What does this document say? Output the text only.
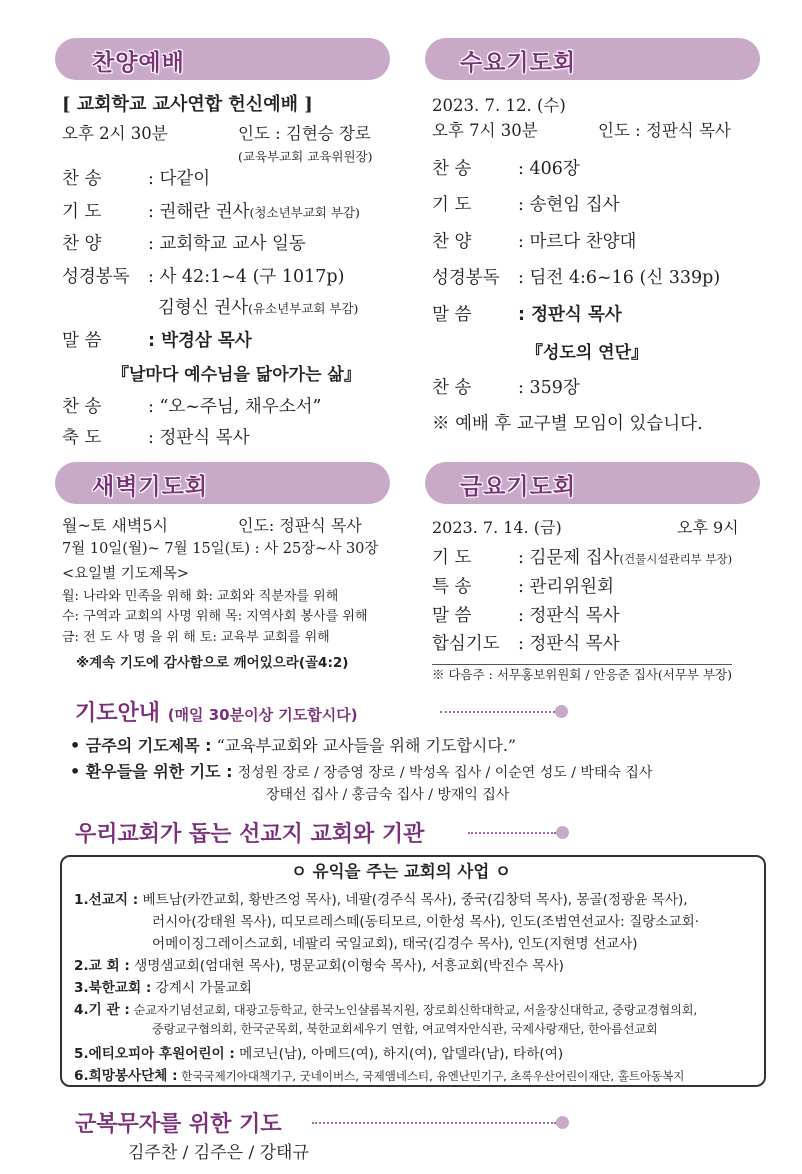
찬양예배
[ 교회학교 교사연합 헌신예배 ]
오후 2시 30분	인도 : 김현승 장로
(교육부교회 교육위원장)
찬 송	: 다같이
기 도	: 권해란 권사(청소년부교회 부감)
찬 양	: 교회학교 교사 일동
성경봉독 : 사 42:1~4 (구 1017p)
김형신 권사(유소년부교회 부감)
말 씀	: 박경삼 목사
『날마다 예수님을 닮아가는 삶』
찬 송	: “오~주님, 채우소서”
축 도	: 정판식 목사
수요기도회
2023. 7. 12. (수)
오후 7시 30분	인도 : 정판식 목사
찬 송	: 406장
기 도	: 송현임 집사
찬 양	: 마르다 찬양대
성경봉독 : 딤전 4:6~16 (신 339p)
말 씀	: 정판식 목사
『성도의 연단』
찬 송	: 359장
※ 예배 후 교구별 모임이 있습니다.
새벽기도회
월~토 새벽5시	인도: 정판식 목사
7월 10일(월)~ 7월 15일(토) : 사 25장~사 30장
<요일별 기도제목>
월: 나라와 민족을 위해 화: 교회와 직분자를 위해
수: 구역과 교회의 사명 위해 목: 지역사회 봉사를 위해
금: 전 도 사 명 을 위 해 토: 교육부 교회를 위해
※계속 기도에 감사함으로 깨어있으라(골4:2)
금요기도회
2023. 7. 14. (금)	오후 9시
기 도	: 김문제 집사(건물시설관리부 부장)
특 송	: 관리위원회
말 씀	: 정판식 목사
합심기도 : 정판식 목사
※ 다음주 : 서무홍보위원회 / 안응준 집사(서무부 부장)
기도안내 (매일 30분이상 기도합시다)
• 금주의 기도제목 : “교육부교회와 교사들을 위해 기도합시다.”
• 환우들을 위한 기도 : 정성원 장로 / 장증영 장로 / 박성옥 집사 / 이순연 성도 / 박태숙 집사
장태선 집사 / 홍금숙 집사 / 방재익 집사
우리교회가 돕는 선교지 교회와 기관
ㅇ 유익을 주는 교회의 사업 ㅇ
1.선교지 : 베트남(카깐교회, 황반즈엉 목사), 네팔(경주식 목사), 중국(김창덕 목사), 몽골(정광윤 목사),
러시아(강태원 목사), 띠모르레스떼(동티모르, 이한성 목사), 인도(조범연선교사: 질랑소교회·
어메이징그레이스교회, 네팔리 국일교회), 태국(김경수 목사), 인도(지현명 선교사)
2.교 회 : 생명샘교회(엄대현 목사), 명문교회(이형숙 목사), 서흥교회(박진수 목사)
3.북한교회 : 강계시 가물교회
4.기 관 : 순교자기념선교회, 대광고등학교, 한국노인샬롬복지원, 장로회신학대학교, 서울장신대학교, 중랑교경협의회,
중랑교구협의회, 한국군목회, 북한교회세우기 연합, 여교역자안식관, 국제사랑재단, 한아름선교회
5.에티오피아 후원어린이 : 메코닌(남), 아메드(여), 하지(여), 압델라(남), 타하(여)
6.희망봉사단체 : 한국국제기아대책기구, 굿네이버스, 국제앰네스티, 유엔난민기구, 초록우산어린이재단, 홀트아동복지
군복무자를 위한 기도
김주찬 / 김주은 / 강태규
